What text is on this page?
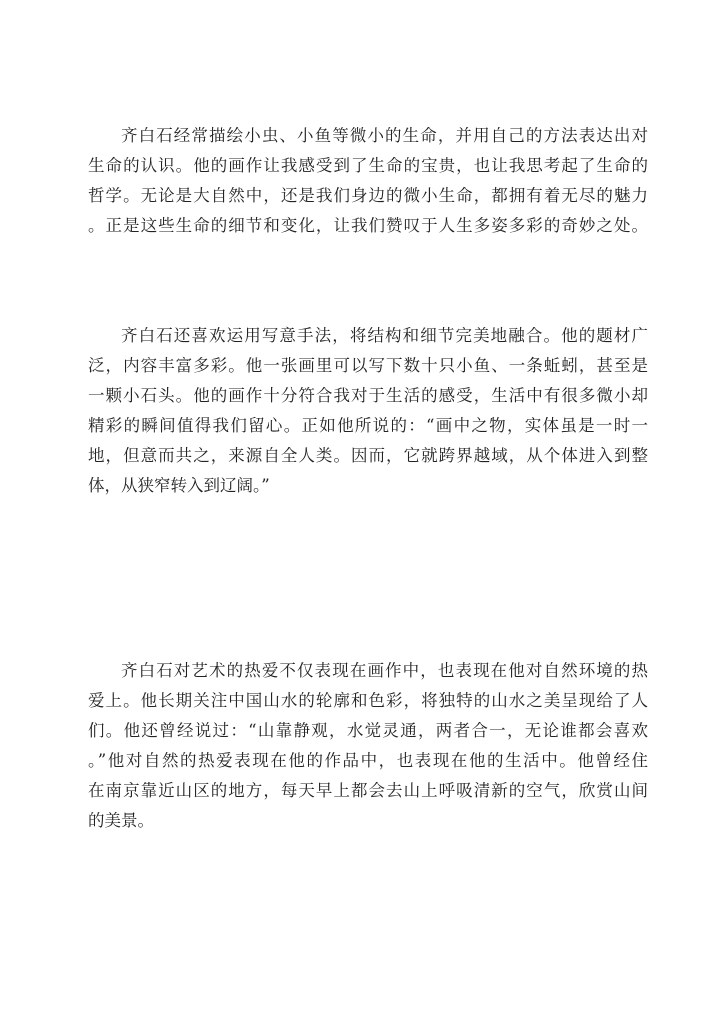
齐白石经常描绘小虫、小鱼等微小的生命，并用自己的方法表达出对
生命的认识。他的画作让我感受到了生命的宝贵，也让我思考起了生命的
哲学。无论是大自然中，还是我们身边的微小生命，都拥有着无尽的魅力
。正是这些生命的细节和变化，让我们赞叹于人生多姿多彩的奇妙之处。

齐白石还喜欢运用写意手法，将结构和细节完美地融合。他的题材广
泛，内容丰富多彩。他一张画里可以写下数十只小鱼、一条蚯蚓，甚至是
一颗小石头。他的画作十分符合我对于生活的感受，生活中有很多微小却
精彩的瞬间值得我们留心。正如他所说的：“画中之物，实体虽是一时一
地，但意而共之，来源自全人类。因而，它就跨界越域，从个体进入到整
体，从狭窄转入到辽阔。”

齐白石对艺术的热爱不仅表现在画作中，也表现在他对自然环境的热
爱上。他长期关注中国山水的轮廓和色彩，将独特的山水之美呈现给了人
们。他还曾经说过：“山靠静观，水觉灵通，两者合一，无论谁都会喜欢
。”他对自然的热爱表现在他的作品中，也表现在他的生活中。他曾经住
在南京靠近山区的地方，每天早上都会去山上呼吸清新的空气，欣赏山间
的美景。
